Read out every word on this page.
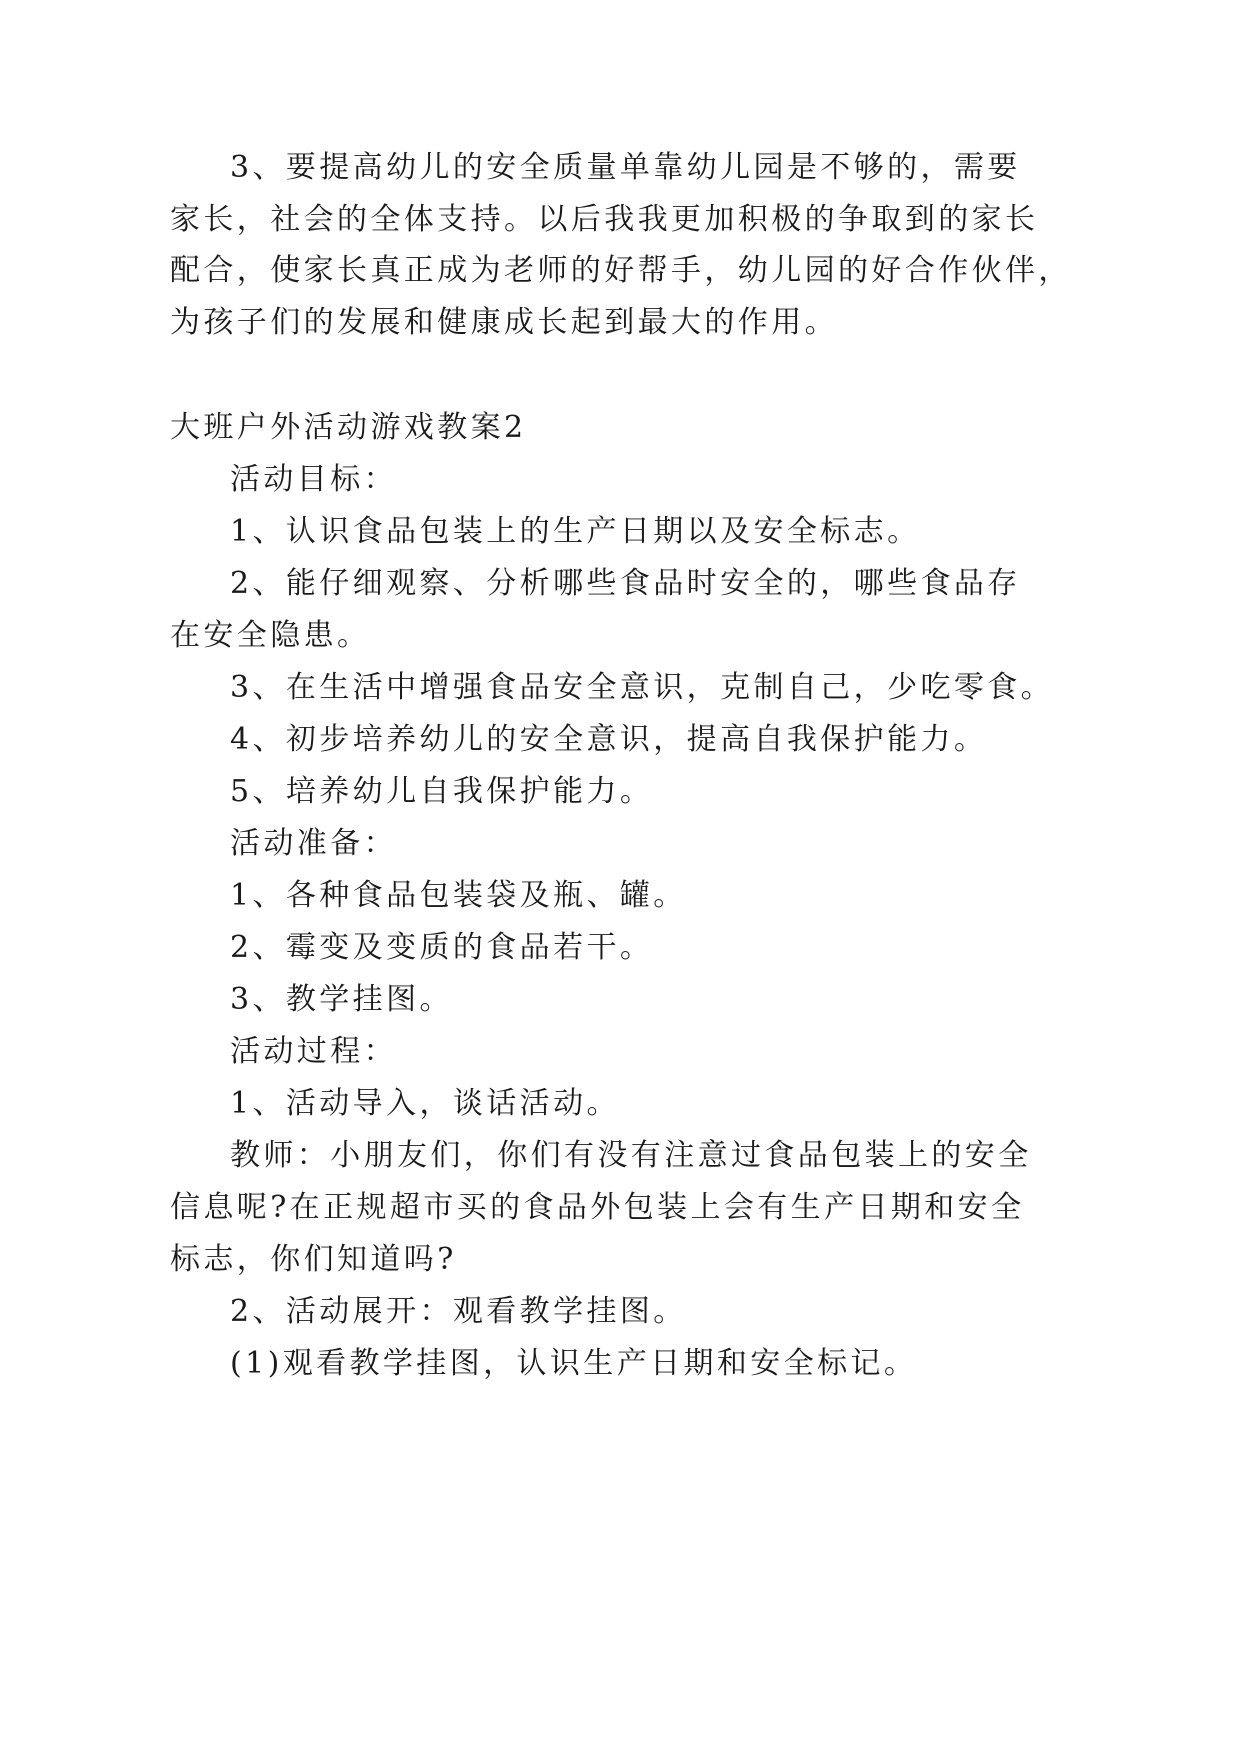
3、要提高幼儿的安全质量单靠幼儿园是不够的，需要
家长，社会的全体支持。以后我我更加积极的争取到的家长
配合，使家长真正成为老师的好帮手，幼儿园的好合作伙伴，
为孩子们的发展和健康成长起到最大的作用。
大班户外活动游戏教案2
活动目标：
1、认识食品包装上的生产日期以及安全标志。
2、能仔细观察、分析哪些食品时安全的，哪些食品存
在安全隐患。
3、在生活中增强食品安全意识，克制自己，少吃零食。
4、初步培养幼儿的安全意识，提高自我保护能力。
5、培养幼儿自我保护能力。
活动准备：
1、各种食品包装袋及瓶、罐。
2、霉变及变质的食品若干。
3、教学挂图。
活动过程：
1、活动导入，谈话活动。
教师：小朋友们，你们有没有注意过食品包装上的安全
信息呢?在正规超市买的食品外包装上会有生产日期和安全
标志，你们知道吗?
2、活动展开：观看教学挂图。
(1)观看教学挂图，认识生产日期和安全标记。
